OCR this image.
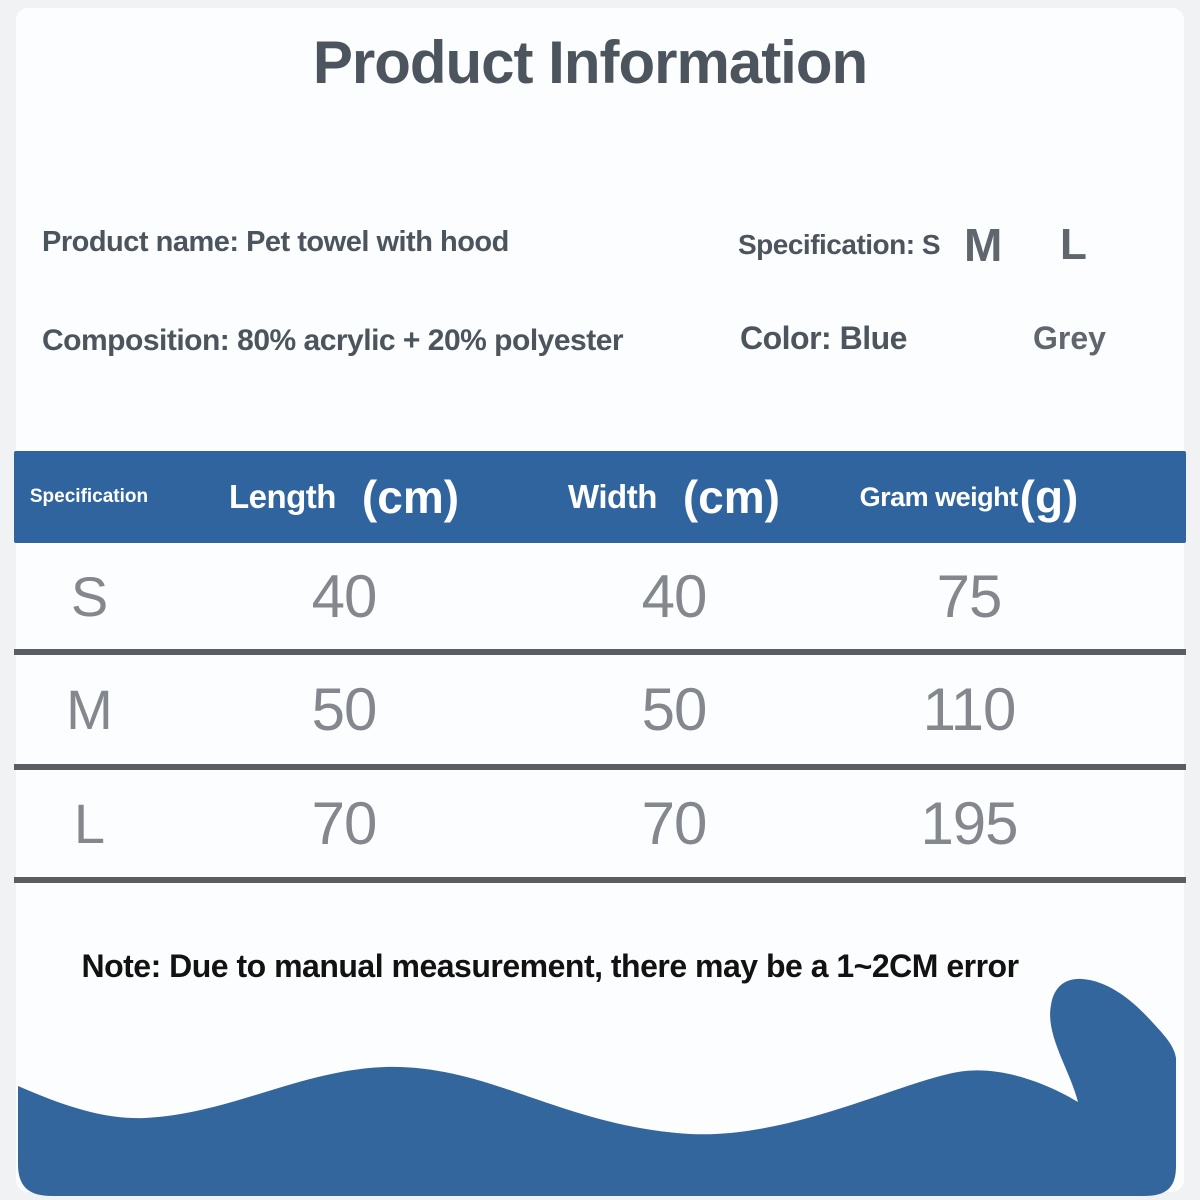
Product Information
Product name: Pet towel with hood
Composition: 80% acrylic + 20% polyester
Specification: S M L
Color: Blue	Grey
Specification Length (cm)	Width (cm)	Gram weight (g)
S	40	40	75
M	50	50	110
L	70	70	195
Note: Due to manual measurement, there may be a 1~2CM error
